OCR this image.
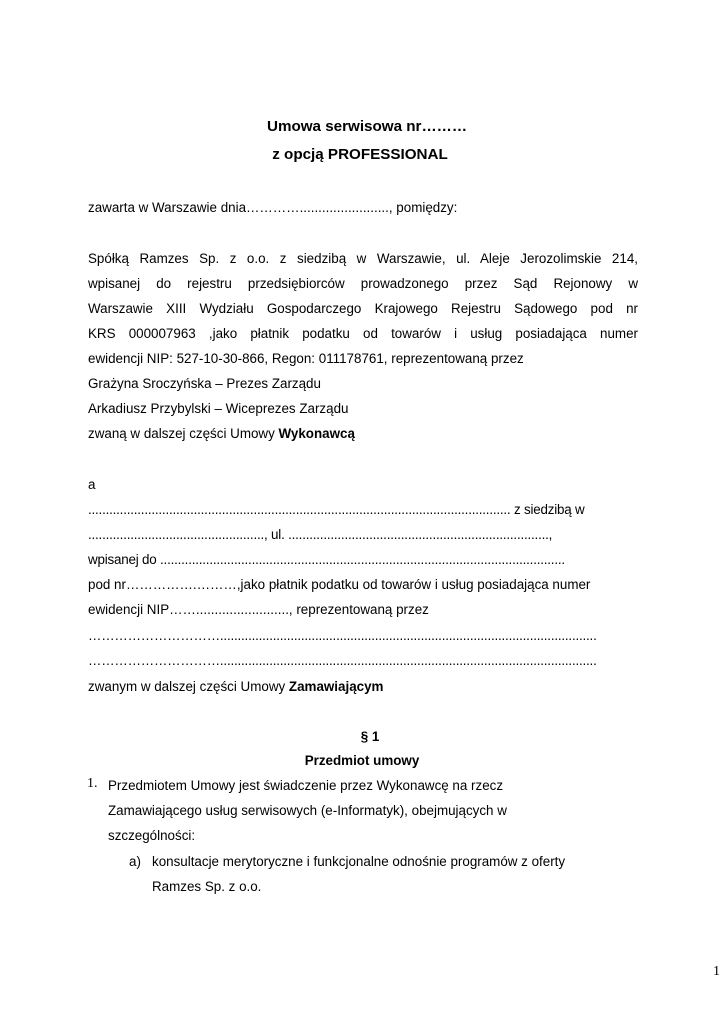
Umowa serwisowa nr………
z opcją PROFESSIONAL
zawarta w Warszawie dnia…………........................, pomiędzy:
Spółką Ramzes Sp. z o.o. z siedzibą w Warszawie, ul. Aleje Jerozolimskie 214,
wpisanej do rejestru przedsiębiorców prowadzonego przez Sąd Rejonowy w
Warszawie XIII Wydziału Gospodarczego Krajowego Rejestru Sądowego pod nr
KRS 000007963 ,jako płatnik podatku od towarów i usług posiadająca numer
ewidencji NIP: 527-10-30-866, Regon: 011178761, reprezentowaną przez
Grażyna Sroczyńska – Prezes Zarządu
Arkadiusz Przybylski – Wiceprezes Zarządu
zwaną w dalszej części Umowy Wykonawcą
a
........................................................................................................................ z siedzibą w
.................................................., ul. ..........................................................................,
wpisanej do ...................................................................................................................
pod nr…………….………,jako płatnik podatku od towarów i usług posiadająca numer
ewidencji NIP……........................., reprezentowaną przez
…………………………...........................................................................................................
…………………………...........................................................................................................
zwanym w dalszej części Umowy Zamawiającym
§ 1
Przedmiot umowy
1. Przedmiotem Umowy jest świadczenie przez Wykonawcę na rzecz
Zamawiającego usług serwisowych (e-Informatyk), obejmujących w
szczególności:
a) konsultacje merytoryczne i funkcjonalne odnośnie programów z oferty
Ramzes Sp. z o.o.
1
